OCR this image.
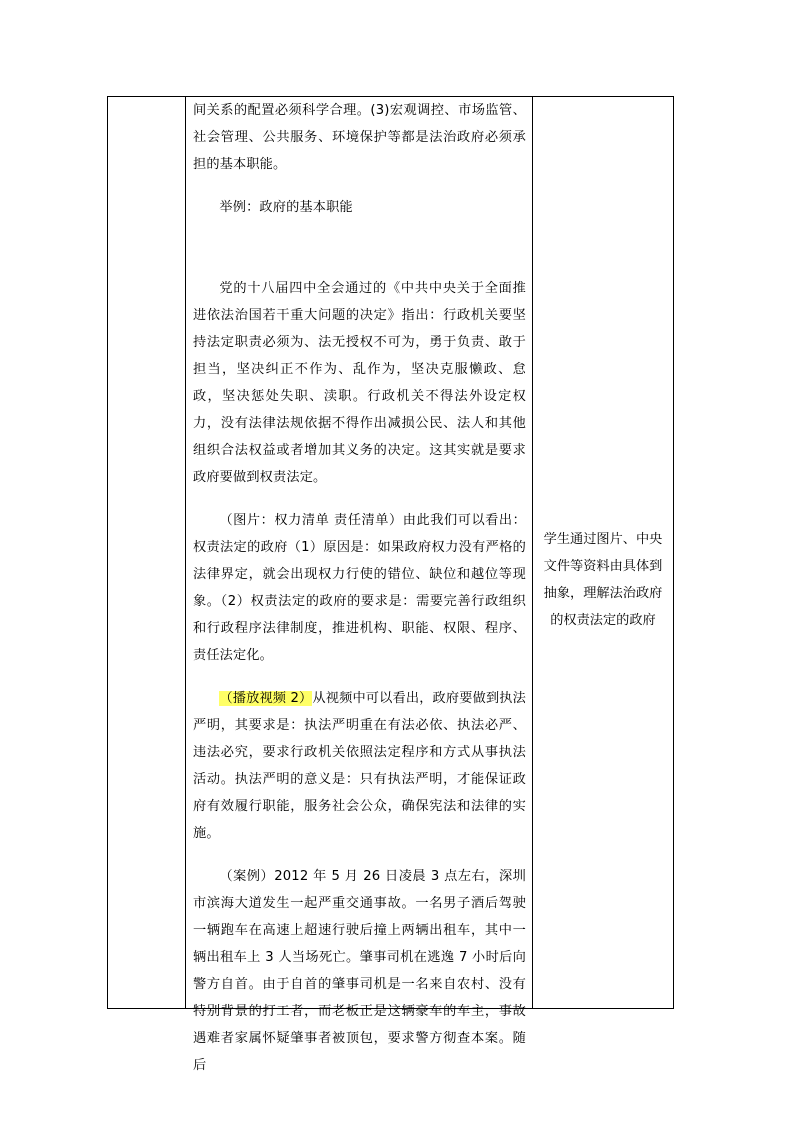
间关系的配置必须科学合理。(3)宏观调控、市场监管、社会管理、公共服务、环境保护等都是法治政府必须承担的基本职能。

举例：政府的基本职能

党的十八届四中全会通过的《中共中央关于全面推进依法治国若干重大问题的决定》指出：行政机关要坚持法定职责必须为、法无授权不可为，勇于负责、敢于担当，坚决纠正不作为、乱作为，坚决克服懒政、怠政，坚决惩处失职、渎职。行政机关不得法外设定权力，没有法律法规依据不得作出减损公民、法人和其他组织合法权益或者增加其义务的决定。这其实就是要求政府要做到权责法定。

（图片：权力清单 责任清单）由此我们可以看出：权责法定的政府（1）原因是：如果政府权力没有严格的法律界定，就会出现权力行使的错位、缺位和越位等现象。（2）权责法定的政府的要求是：需要完善行政组织和行政程序法律制度，推进机构、职能、权限、程序、责任法定化。

（播放视频 2）从视频中可以看出，政府要做到执法严明，其要求是：执法严明重在有法必依、执法必严、违法必究，要求行政机关依照法定程序和方式从事执法活动。执法严明的意义是：只有执法严明，才能保证政府有效履行职能，服务社会公众，确保宪法和法律的实施。

（案例）2012 年 5 月 26 日凌晨 3 点左右，深圳市滨海大道发生一起严重交通事故。一名男子酒后驾驶一辆跑车在高速上超速行驶后撞上两辆出租车，其中一辆出租车上 3 人当场死亡。肇事司机在逃逸 7 小时后向警方自首。由于自首的肇事司机是一名来自农村、没有特别背景的打工者，而老板正是这辆豪车的车主，事故遇难者家属怀疑肇事者被顶包，要求警方彻查本案。随后

学生通过图片、中央文件等资料由具体到抽象，理解法治政府的权责法定的政府
